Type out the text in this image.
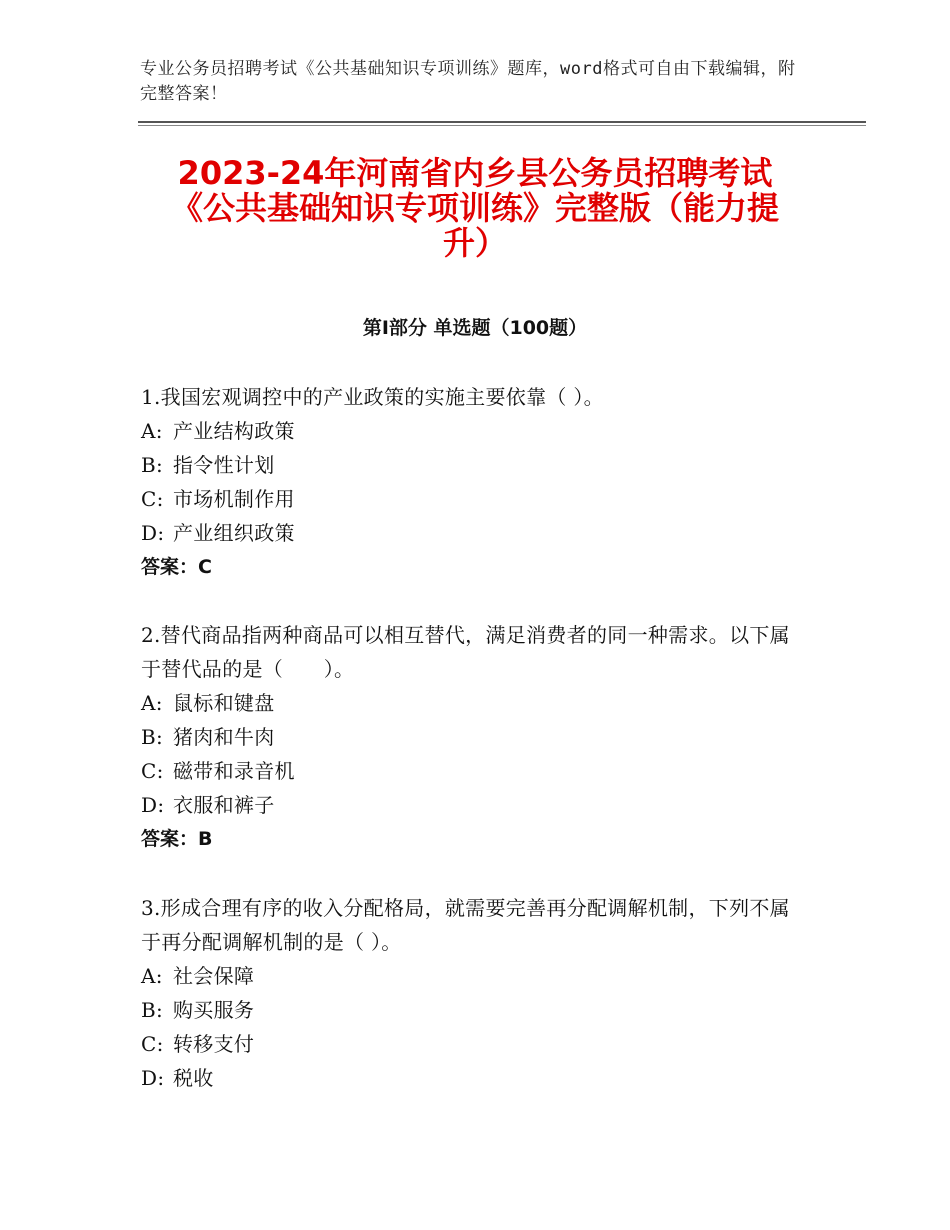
专业公务员招聘考试《公共基础知识专项训练》题库，word格式可自由下载编辑，附完整答案！
2023-24年河南省内乡县公务员招聘考试《公共基础知识专项训练》完整版（能力提升）
第Ⅰ部分 单选题（100题）

1.我国宏观调控中的产业政策的实施主要依靠（ ）。

A: 产业结构政策

B: 指令性计划

C: 市场机制作用

D: 产业组织政策

答案：C

2.替代商品指两种商品可以相互替代，满足消费者的同一种需求。以下属于替代品的是（　　）。

A: 鼠标和键盘

B: 猪肉和牛肉

C: 磁带和录音机

D: 衣服和裤子

答案：B

3.形成合理有序的收入分配格局，就需要完善再分配调解机制，下列不属于再分配调解机制的是（ ）。

A: 社会保障

B: 购买服务

C: 转移支付

D: 税收
